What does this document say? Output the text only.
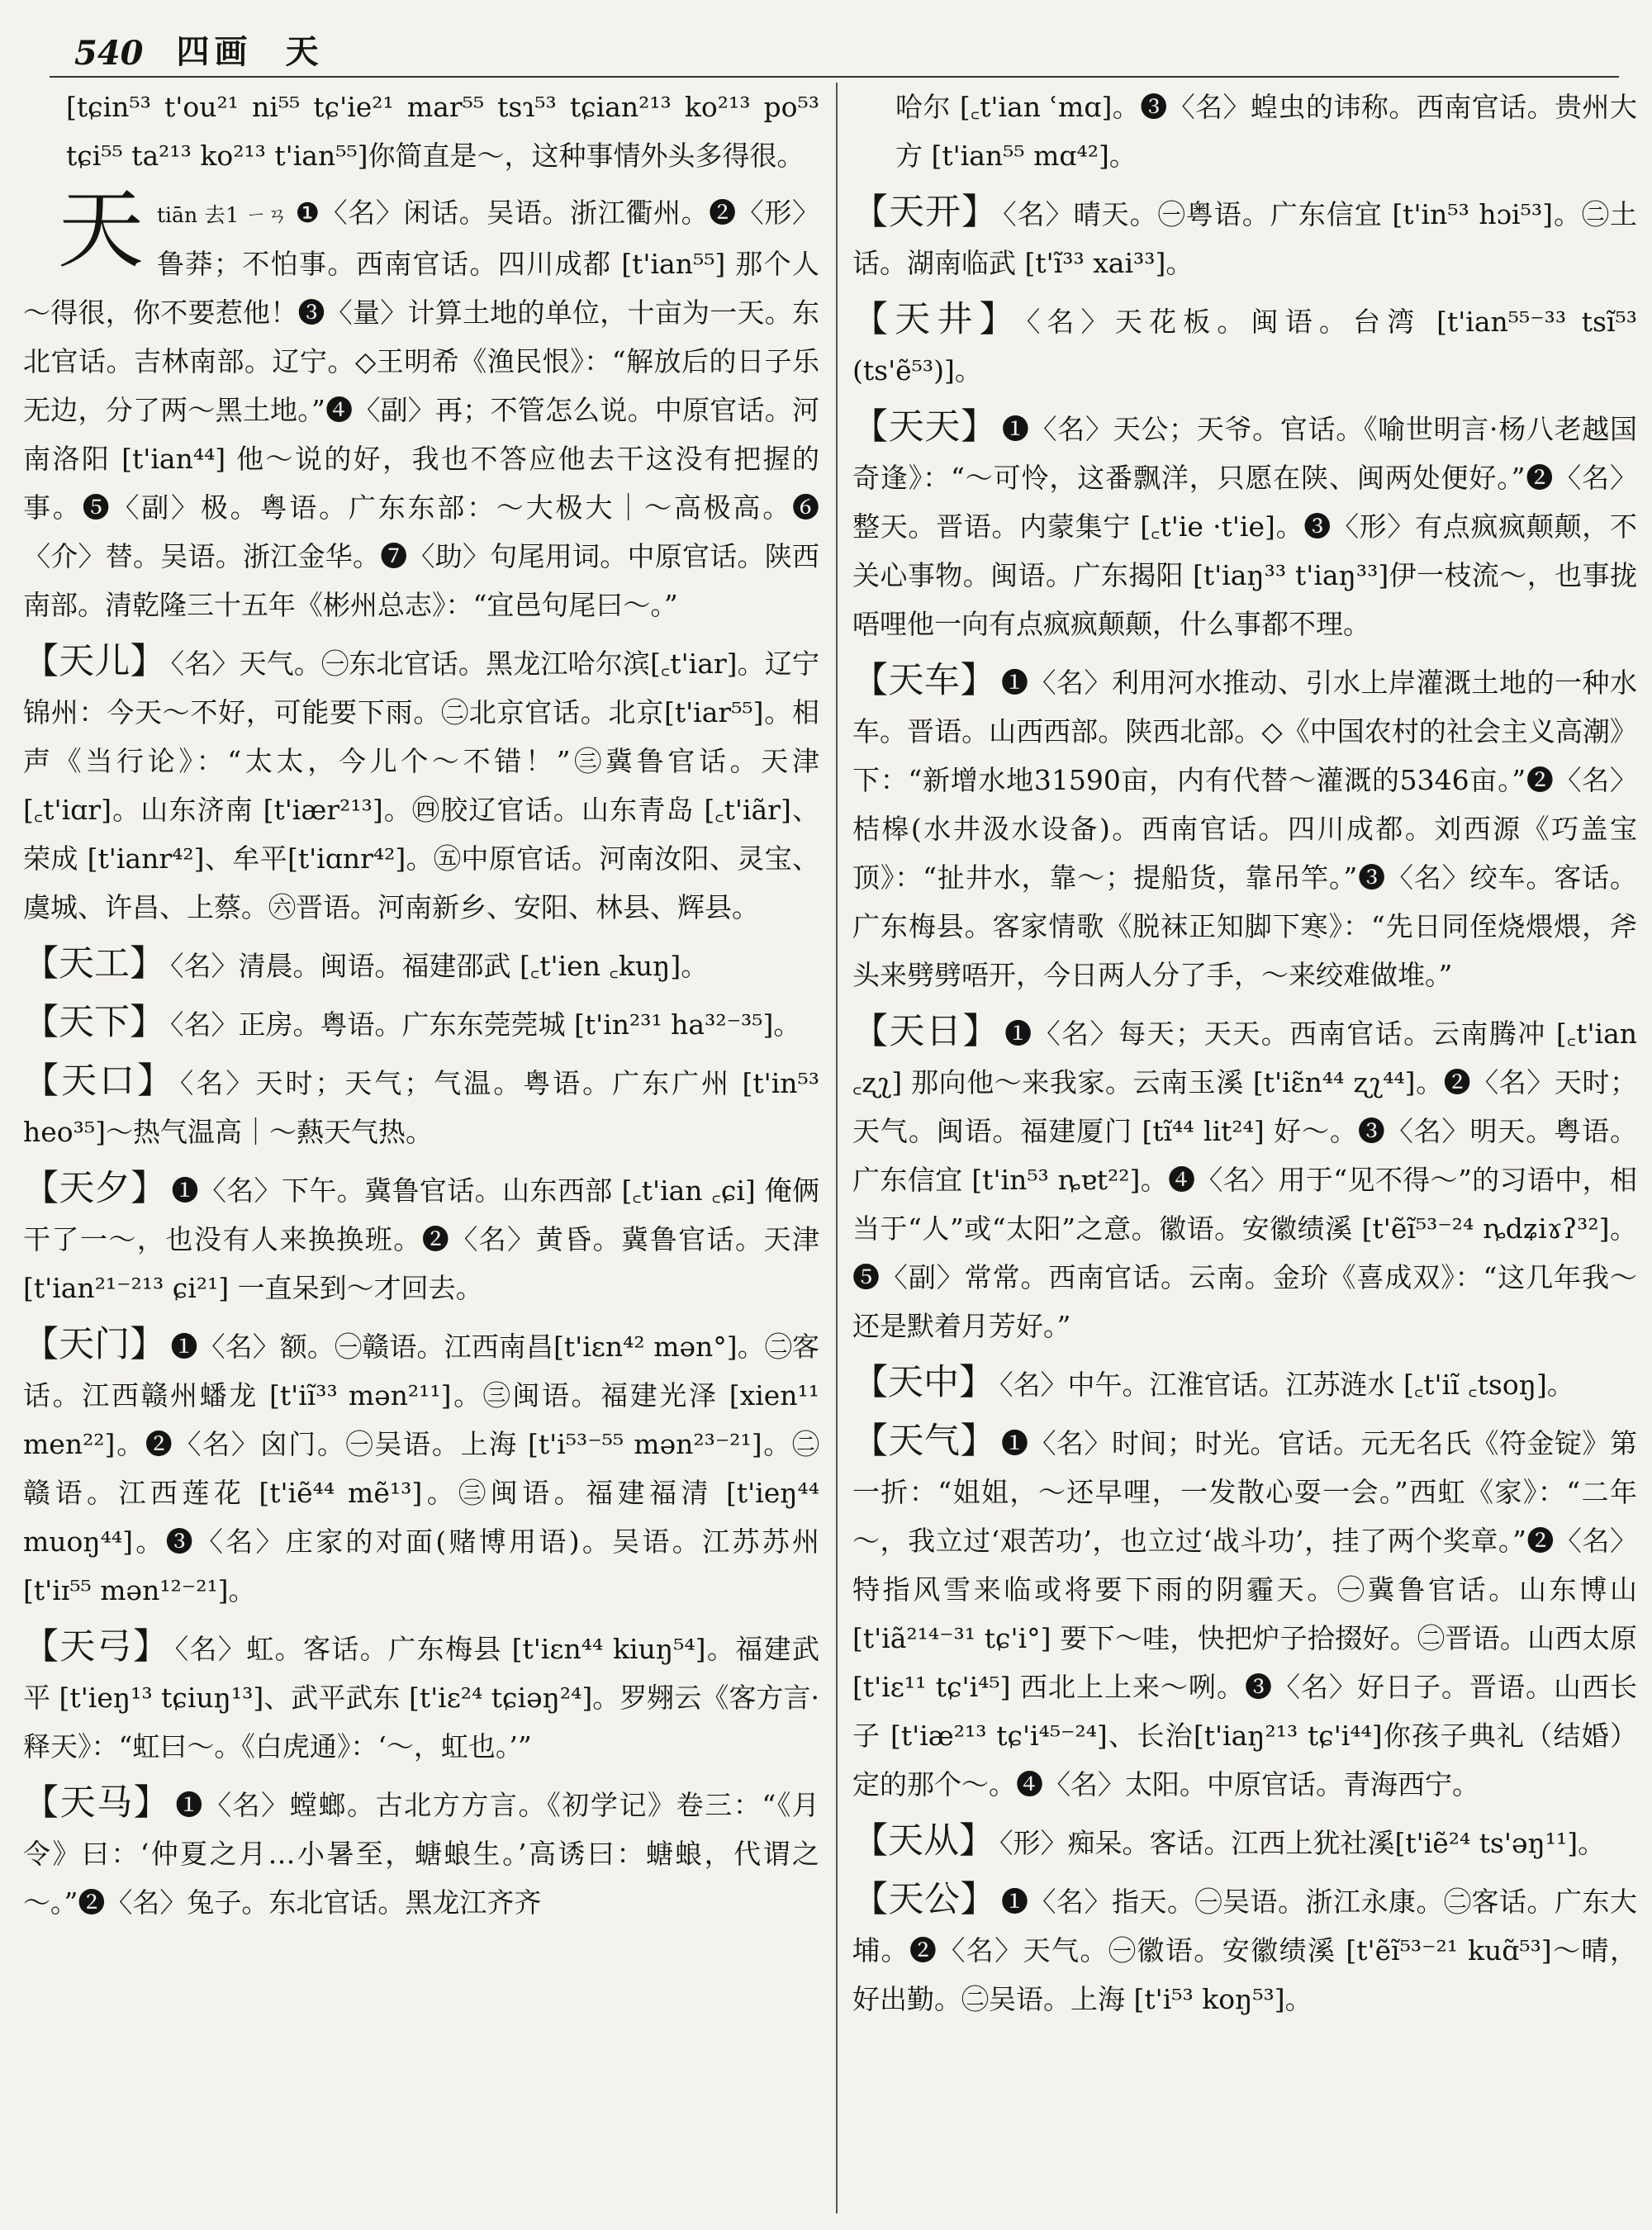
540 四画 天
[tɕin⁵³ t'ou²¹ ni⁵⁵ tɕ'ie²¹ mar⁵⁵ tsɿ⁵³ tɕian²¹³ ko²¹³ po⁵³ tɕi⁵⁵ ta²¹³ ko²¹³ t'ian⁵⁵]你简直是～，这种事情外头多得很。
天tiān 去1 ㄧㄢ ❶〈名〉闲话。吴语。浙江衢州。❷〈形〉鲁莽；不怕事。西南官话。四川成都 [t'ian⁵⁵] 那个人～得很，你不要惹他！❸〈量〉计算土地的单位，十亩为一天。东北官话。吉林南部。辽宁。◇王明希《渔民恨》：“解放后的日子乐无边，分了两～黑土地。”❹〈副〉再；不管怎么说。中原官话。河南洛阳 [t'ian⁴⁴] 他～说的好，我也不答应他去干这没有把握的事。❺〈副〉极。粤语。广东东部：～大极大｜～高极高。❻〈介〉替。吴语。浙江金华。❼〈助〉句尾用词。中原官话。陕西南部。清乾隆三十五年《彬州总志》：“宜邑句尾曰～。”
【天儿】 〈名〉天气。㊀东北官话。黑龙江哈尔滨[꜀t'iar]。辽宁锦州：今天～不好，可能要下雨。㊁北京官话。北京[t'iar⁵⁵]。相声《当行论》：“太太，今儿个～不错！”㊂冀鲁官话。天津 [꜀t'iɑr]。山东济南 [t'iær²¹³]。㊃胶辽官话。山东青岛 [꜀t'iãr]、荣成 [t'ianr⁴²]、牟平[t'iɑnr⁴²]。㊄中原官话。河南汝阳、灵宝、虞城、许昌、上蔡。㊅晋语。河南新乡、安阳、林县、辉县。
【天工】 〈名〉清晨。闽语。福建邵武 [꜀t'ien ꜀kuŋ]。
【天下】 〈名〉正房。粤语。广东东莞莞城 [t'in²³¹ ha³²⁻³⁵]。
【天口】 〈名〉天时；天气；气温。粤语。广东广州 [t'in⁵³ heo³⁵]～热气温高｜～爇天气热。
【天夕】 ❶〈名〉下午。冀鲁官话。山东西部 [꜀t'ian ꜀ɕi] 俺俩干了一～，也没有人来换换班。❷〈名〉黄昏。冀鲁官话。天津 [t'ian²¹⁻²¹³ ɕi²¹] 一直呆到～才回去。
【天门】 ❶〈名〉额。㊀赣语。江西南昌[t'iɛn⁴² mən°]。㊁客话。江西赣州蟠龙 [t'iĩ³³ mən²¹¹]。㊂闽语。福建光泽 [xien¹¹ men²²]。❷〈名〉囟门。㊀吴语。上海 [t'i⁵³⁻⁵⁵ mən²³⁻²¹]。㊁赣语。江西莲花 [t'iẽ⁴⁴ mẽ¹³]。㊂闽语。福建福清 [t'ieŋ⁴⁴ muoŋ⁴⁴]。❸〈名〉庄家的对面(赌博用语)。吴语。江苏苏州[t'iɪ⁵⁵ mən¹²⁻²¹]。
【天弓】 〈名〉虹。客话。广东梅县 [t'iɛn⁴⁴ kiuŋ⁵⁴]。福建武平 [t'ieŋ¹³ tɕiuŋ¹³]、武平武东 [t'iɛ²⁴ tɕiəŋ²⁴]。罗翙云《客方言·释天》：“虹曰～。《白虎通》：‘～，虹也。’”
【天马】 ❶〈名〉螳螂。古北方方言。《初学记》卷三：“《月令》曰：‘仲夏之月…小暑至，螗蜋生。’高诱曰：螗蜋，代谓之～。”❷〈名〉兔子。东北官话。黑龙江齐齐
哈尔 [꜀t'ian ʿmɑ]。❸〈名〉蝗虫的讳称。西南官话。贵州大方 [t'ian⁵⁵ mɑ⁴²]。
【天开】 〈名〉晴天。㊀粤语。广东信宜 [t'in⁵³ hɔi⁵³]。㊁土话。湖南临武 [t'ĩ³³ xai³³]。
【天井】 〈名〉天花板。闽语。台湾 [t'ian⁵⁵⁻³³ tsĩ⁵³ (ts'ẽ⁵³)]。
【天天】 ❶〈名〉天公；天爷。官话。《喻世明言·杨八老越国奇逢》：“～可怜，这番飘洋，只愿在陕、闽两处便好。”❷〈名〉整天。晋语。内蒙集宁 [꜀t'ie ·t'ie]。❸〈形〉有点疯疯颠颠，不关心事物。闽语。广东揭阳 [t'iaŋ³³ t'iaŋ³³]伊一枝流～，也事拢唔哩他一向有点疯疯颠颠，什么事都不理。
【天车】 ❶〈名〉利用河水推动、引水上岸灌溉土地的一种水车。晋语。山西西部。陕西北部。◇《中国农村的社会主义高潮》下：“新增水地31590亩，内有代替～灌溉的5346亩。”❷〈名〉桔槔(水井汲水设备)。西南官话。四川成都。刘西源《巧盖宝顶》：“扯井水，靠～；提船货，靠吊竿。”❸〈名〉绞车。客话。广东梅县。客家情歌《脱袜正知脚下寒》：“先日同侄烧煨煨，斧头来劈劈唔开，今日两人分了手，～来绞难做堆。”
【天日】 ❶〈名〉每天；天天。西南官话。云南腾冲 [꜀t'ian ꜀ʐʅ] 那向他～来我家。云南玉溪 [t'iɛ̃n⁴⁴ ʐʅ⁴⁴]。❷〈名〉天时；天气。闽语。福建厦门 [tĩ⁴⁴ lit²⁴] 好～。❸〈名〉明天。粤语。广东信宜 [t'in⁵³ ȵɐt²²]。❹〈名〉用于“见不得～”的习语中，相当于“人”或“太阳”之意。徽语。安徽绩溪 [t'ẽĩ⁵³⁻²⁴ ȵdʑiɤʔ³²]。❺〈副〉常常。西南官话。云南。金玠《喜成双》：“这几年我～还是默着月芳好。”
【天中】 〈名〉中午。江淮官话。江苏涟水 [꜀t'iĩ ꜀tsoŋ]。
【天气】 ❶〈名〉时间；时光。官话。元无名氏《符金锭》第一折：“姐姐，～还早哩，一发散心耍一会。”西虹《家》：“二年～，我立过‘艰苦功’，也立过‘战斗功’，挂了两个奖章。”❷〈名〉特指风雪来临或将要下雨的阴霾天。㊀冀鲁官话。山东博山 [t'iã²¹⁴⁻³¹ tɕ'i°] 要下～哇，快把炉子拾掇好。㊁晋语。山西太原 [t'iɛ¹¹ tɕ'i⁴⁵] 西北上上来～咧。❸〈名〉好日子。晋语。山西长子 [t'iæ²¹³ tɕ'i⁴⁵⁻²⁴]、长治[t'iaŋ²¹³ tɕ'i⁴⁴]你孩子典礼（结婚）定的那个～。❹〈名〉太阳。中原官话。青海西宁。
【天从】 〈形〉痴呆。客话。江西上犹社溪[t'iẽ²⁴ ts'əŋ¹¹]。
【天公】 ❶〈名〉指天。㊀吴语。浙江永康。㊁客话。广东大埔。❷〈名〉天气。㊀徽语。安徽绩溪 [t'ẽĩ⁵³⁻²¹ kuɑ̃⁵³]～晴，好出勤。㊁吴语。上海 [t'i⁵³ koŋ⁵³]。
